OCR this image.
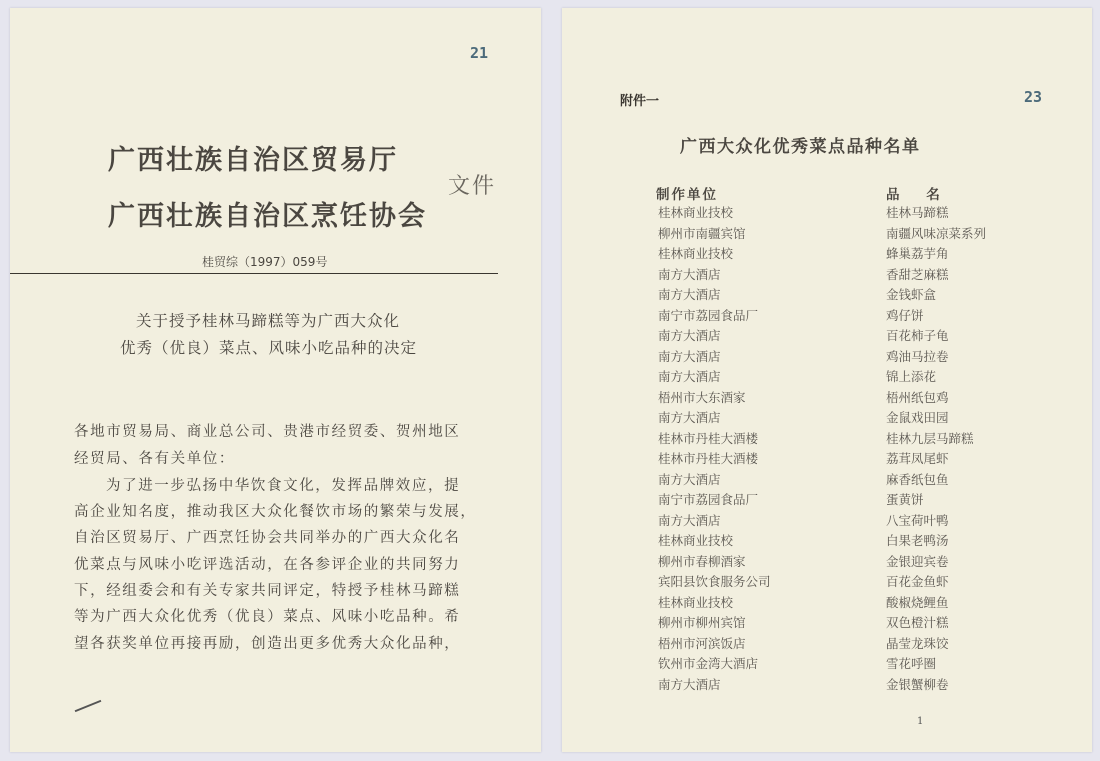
21
广西壮族自治区贸易厅
广西壮族自治区烹饪协会
文件
桂贸综（1997）059号
关于授予桂林马蹄糕等为广西大众化
优秀（优良）菜点、风味小吃品种的决定
各地市贸易局、商业总公司、贵港市经贸委、贺州地区
经贸局、各有关单位：
为了进一步弘扬中华饮食文化，发挥品牌效应，提
高企业知名度，推动我区大众化餐饮市场的繁荣与发展，
自治区贸易厅、广西烹饪协会共同举办的广西大众化名
优菜点与风味小吃评选活动，在各参评企业的共同努力
下，经组委会和有关专家共同评定，特授予桂林马蹄糕
等为广西大众化优秀（优良）菜点、风味小吃品种。希
望各获奖单位再接再励，创造出更多优秀大众化品种，
附件一	23
广西大众化优秀菜点品种名单
制作单位	品 名
桂林商业技校	桂林马蹄糕
柳州市南疆宾馆	南疆风味凉菜系列
桂林商业技校	蜂巢荔芋角
南方大酒店	香甜芝麻糕
南方大酒店	金钱虾盒
南宁市荔园食品厂	鸡仔饼
南方大酒店	百花柿子龟
南方大酒店	鸡油马拉卷
南方大酒店	锦上添花
梧州市大东酒家	梧州纸包鸡
南方大酒店	金鼠戏田园
桂林市丹桂大酒楼	桂林九层马蹄糕
桂林市丹桂大酒楼	荔茸凤尾虾
南方大酒店	麻香纸包鱼
南宁市荔园食品厂	蛋黄饼
南方大酒店	八宝荷叶鸭
桂林商业技校	白果老鸭汤
柳州市春柳酒家	金银迎宾卷
宾阳县饮食服务公司	百花金鱼虾
桂林商业技校	酸椒烧鲤鱼
柳州市柳州宾馆	双色橙汁糕
梧州市河滨饭店	晶莹龙珠饺
钦州市金湾大酒店	雪花呼圈
南方大酒店	金银蟹柳卷
1
